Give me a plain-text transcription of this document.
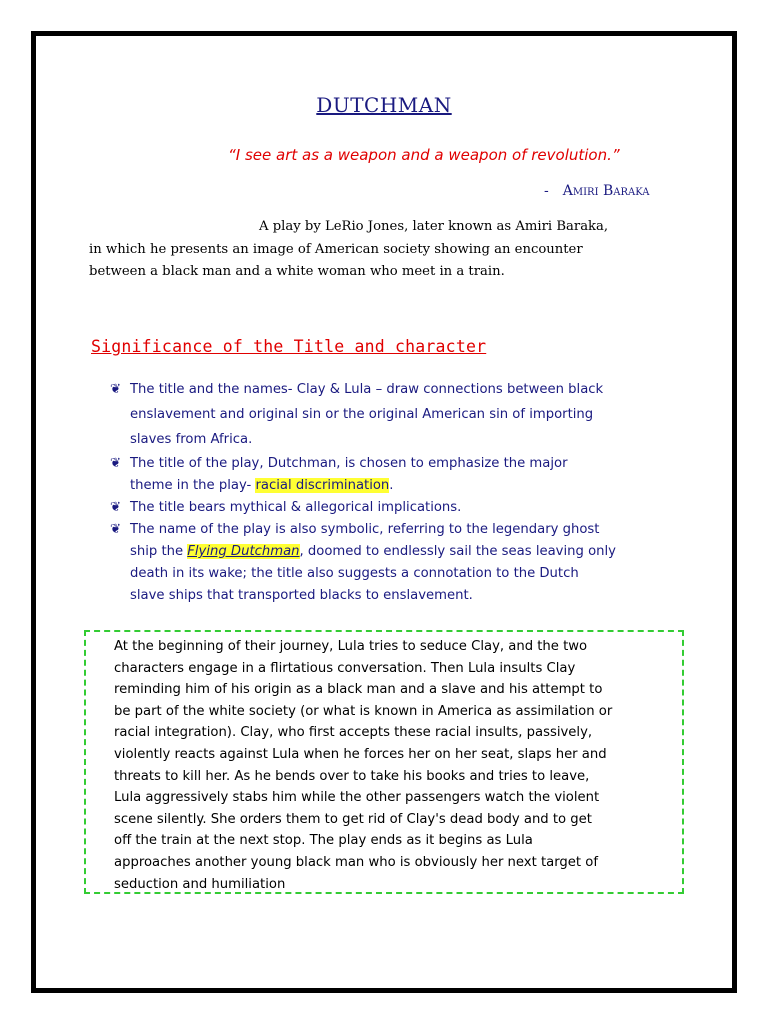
DUTCHMAN
“I see art as a weapon and a weapon of revolution.”
- Amiri Baraka
A play by LeRio Jones, later known as Amiri Baraka,
in which he presents an image of American society showing an encounter
between a black man and a white woman who meet in a train.
Significance of the Title and character
❦ The title and the names- Clay & Lula – draw connections between black
enslavement and original sin or the original American sin of importing
slaves from Africa.
❦ The title of the play, Dutchman, is chosen to emphasize the major
theme in the play- racial discrimination.
❦ The title bears mythical & allegorical implications.
❦ The name of the play is also symbolic, referring to the legendary ghost
ship the Flying Dutchman, doomed to endlessly sail the seas leaving only
death in its wake; the title also suggests a connotation to the Dutch
slave ships that transported blacks to enslavement.
At the beginning of their journey, Lula tries to seduce Clay, and the two
characters engage in a flirtatious conversation. Then Lula insults Clay
reminding him of his origin as a black man and a slave and his attempt to
be part of the white society (or what is known in America as assimilation or
racial integration). Clay, who first accepts these racial insults, passively,
violently reacts against Lula when he forces her on her seat, slaps her and
threats to kill her. As he bends over to take his books and tries to leave,
Lula aggressively stabs him while the other passengers watch the violent
scene silently. She orders them to get rid of Clay's dead body and to get
off the train at the next stop. The play ends as it begins as Lula
approaches another young black man who is obviously her next target of
seduction and humiliation
